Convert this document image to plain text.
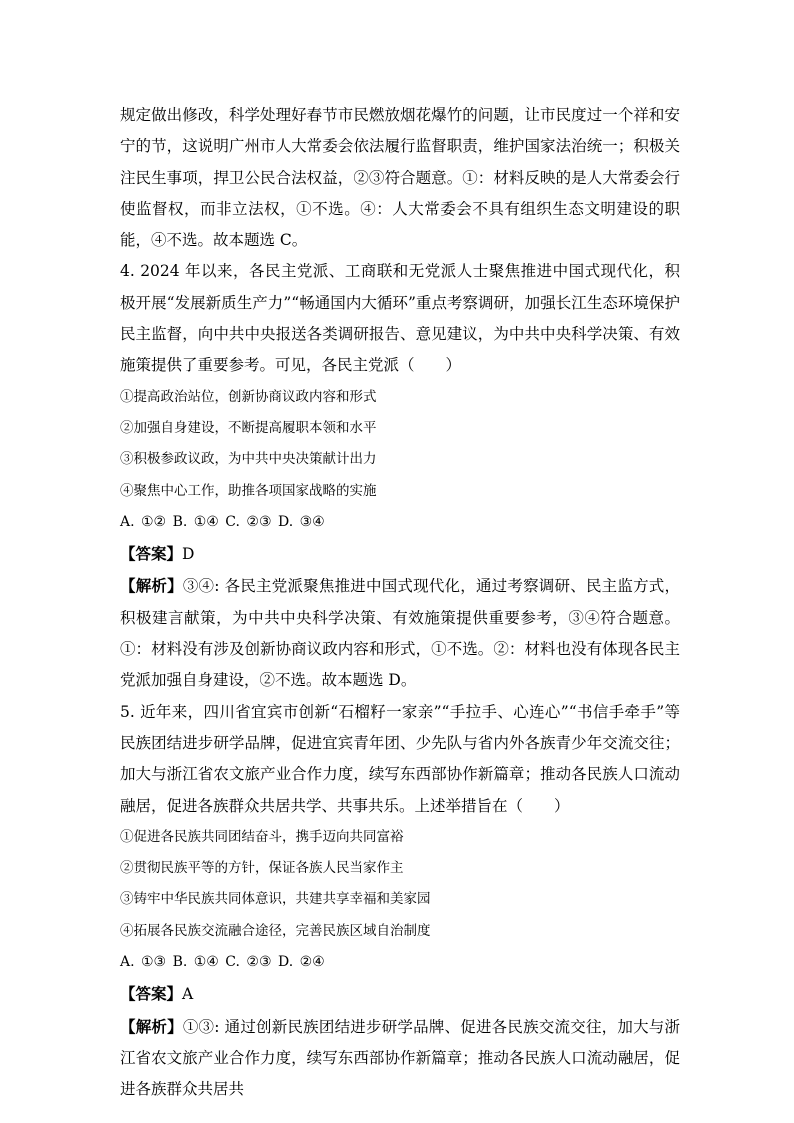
规定做出修改，科学处理好春节市民燃放烟花爆竹的问题，让市民度过一个祥和安宁的节，这说明广州市人大常委会依法履行监督职责，维护国家法治统一；积极关注民生事项，捍卫公民合法权益，②③符合题意。①：材料反映的是人大常委会行使监督权，而非立法权，①不选。④：人大常委会不具有组织生态文明建设的职能，④不选。故本题选 C。

4. 2024 年以来，各民主党派、工商联和无党派人士聚焦推进中国式现代化，积极开展“发展新质生产力”“畅通国内大循环”重点考察调研，加强长江生态环境保护民主监督，向中共中央报送各类调研报告、意见建议，为中共中央科学决策、有效施策提供了重要参考。可见，各民主党派（　　）

①提高政治站位，创新协商议政内容和形式

②加强自身建设，不断提高履职本领和水平

③积极参政议政，为中共中央决策献计出力

④聚焦中心工作，助推各项国家战略的实施

A. ①② B. ①④ C. ②③ D. ③④

【答案】D

【解析】③④: 各民主党派聚焦推进中国式现代化，通过考察调研、民主监方式，积极建言献策，为中共中央科学决策、有效施策提供重要参考，③④符合题意。①：材料没有涉及创新协商议政内容和形式，①不选。②：材料也没有体现各民主党派加强自身建设，②不选。故本题选 D。

5. 近年来，四川省宜宾市创新“石榴籽一家亲”“手拉手、心连心”“书信手牵手”等民族团结进步研学品牌，促进宜宾青年团、少先队与省内外各族青少年交流交往；加大与浙江省农文旅产业合作力度，续写东西部协作新篇章；推动各民族人口流动融居，促进各族群众共居共学、共事共乐。上述举措旨在（　　）

①促进各民族共同团结奋斗，携手迈向共同富裕

②贯彻民族平等的方针，保证各族人民当家作主

③铸牢中华民族共同体意识，共建共享幸福和美家园

④拓展各民族交流融合途径，完善民族区域自治制度

A. ①③ B. ①④ C. ②③ D. ②④

【答案】A

【解析】①③: 通过创新民族团结进步研学品牌、促进各民族交流交往，加大与浙江省农文旅产业合作力度，续写东西部协作新篇章；推动各民族人口流动融居，促进各族群众共居共
